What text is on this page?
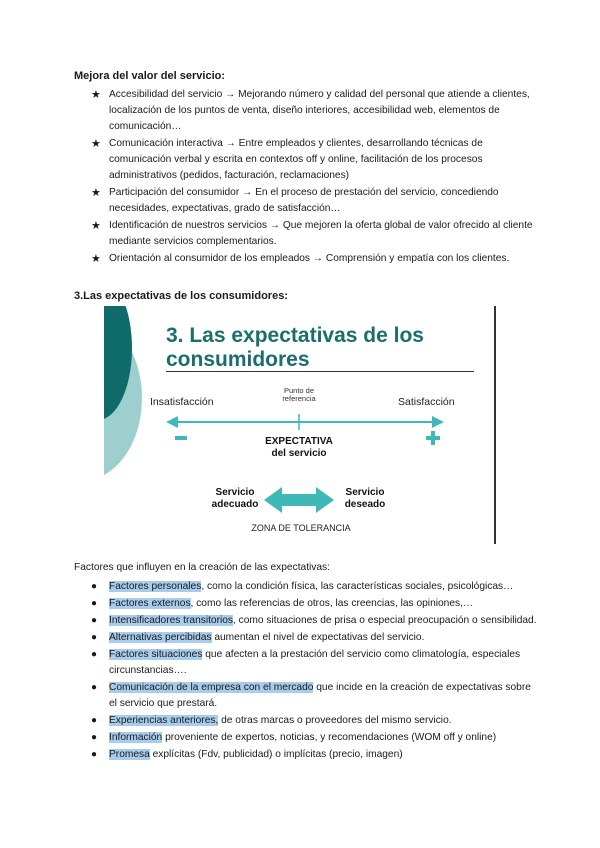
Mejora del valor del servicio:
★ Accesibilidad del servicio → Mejorando número y calidad del personal que atiende a clientes, localización de los puntos de venta, diseño interiores, accesibilidad web, elementos de comunicación…
★ Comunicación interactiva → Entre empleados y clientes, desarrollando técnicas de comunicación verbal y escrita en contextos off y online, facilitación de los procesos administrativos (pedidos, facturación, reclamaciones)
★ Participación del consumidor → En el proceso de prestación del servicio, concediendo necesidades, expectativas, grado de satisfacción…
★ Identificación de nuestros servicios → Que mejoren la oferta global de valor ofrecido al cliente mediante servicios complementarios.
★ Orientación al consumidor de los empleados → Comprensión y empatía con los clientes.
3.Las expectativas de los consumidores:
3. Las expectativas de los consumidores
Insatisfacción	Satisfacción
Punto de referencia
EXPECTATIVA
del servicio
Servicio
adecuado
Servicio
deseado
ZONA DE TOLERANCIA
Factores que influyen en la creación de las expectativas:
● Factores personales, como la condición física, las características sociales, psicológicas…
● Factores externos, como las referencias de otros, las creencias, las opiniones,…
● Intensificadores transitorios, como situaciones de prisa o especial preocupación o sensibilidad.
● Alternativas percibidas aumentan el nivel de expectativas del servicio.
● Factores situaciones que afecten a la prestación del servicio como climatología, especiales circunstancias….
● Comunicación de la empresa con el mercado que incide en la creación de expectativas sobre el servicio que prestará.
● Experiencias anteriores, de otras marcas o proveedores del mismo servicio.
● Información proveniente de expertos, noticias, y recomendaciones (WOM off y online)
● Promesa explícitas (Fdv, publicidad) o implícitas (precio, imagen)
